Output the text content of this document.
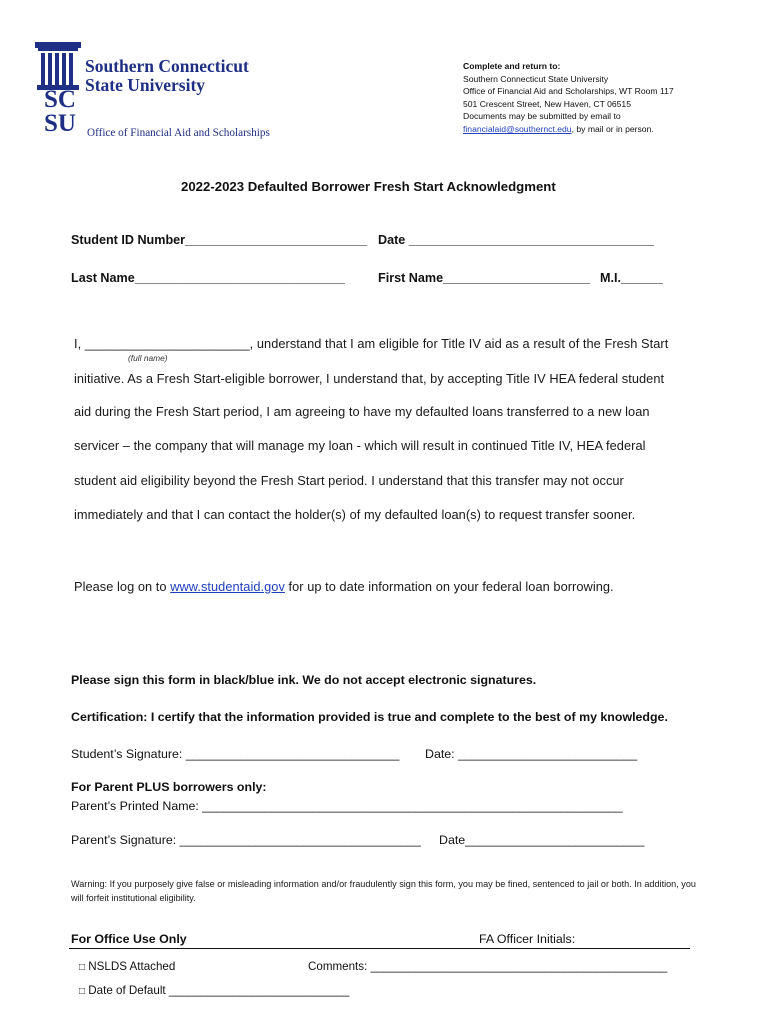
SC
SU
Southern Connecticut
State University
Office of Financial Aid and Scholarships
Complete and return to:
Southern Connecticut State University
Office of Financial Aid and Scholarships, WT Room 117
501 Crescent Street, New Haven, CT 06515
Documents may be submitted by email to
financialaid@southernct.edu, by mail or in person.
2022-2023 Defaulted Borrower Fresh Start Acknowledgment
Student ID Number__________________________ Date ___________________________________
Last Name______________________________	First Name_____________________ M.I.______
I, _______________________, understand that I am eligible for Title IV aid as a result of the Fresh Start
(full name)
initiative. As a Fresh Start-eligible borrower, I understand that, by accepting Title IV HEA federal student
aid during the Fresh Start period, I am agreeing to have my defaulted loans transferred to a new loan
servicer – the company that will manage my loan - which will result in continued Title IV, HEA federal
student aid eligibility beyond the Fresh Start period. I understand that this transfer may not occur
immediately and that I can contact the holder(s) of my defaulted loan(s) to request transfer sooner.
Please log on to www.studentaid.gov for up to date information on your federal loan borrowing.
Please sign this form in black/blue ink. We do not accept electronic signatures.
Certification: I certify that the information provided is true and complete to the best of my knowledge.
Student’s Signature: _______________________________ Date: __________________________
For Parent PLUS borrowers only:
Parent’s Printed Name: _____________________________________________________________
Parent’s Signature: ___________________________________ Date__________________________
Warning: If you purposely give false or misleading information and/or fraudulently sign this form, you may be fined, sentenced to jail or both. In addition, you will forfeit institutional eligibility.
For Office Use Only	FA Officer Initials:
□ NSLDS Attached	Comments: ______________________________________________
□ Date of Default ____________________________
